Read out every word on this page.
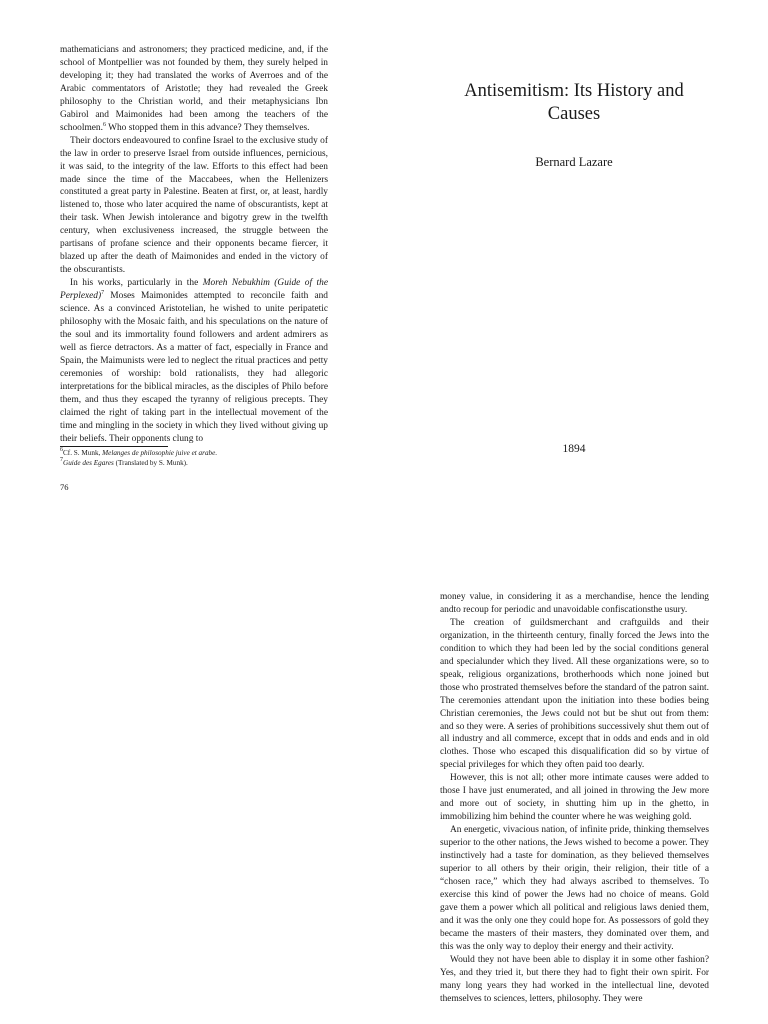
mathematicians and astronomers; they practiced medicine, and, if the school of Montpellier was not founded by them, they surely helped in developing it; they had translated the works of Averroes and of the Arabic commentators of Aristotle; they had revealed the Greek philosophy to the Christian world, and their metaphysicians Ibn Gabirol and Maimonides had been among the teachers of the schoolmen.$^6$ Who stopped them in this advance? They themselves.

Their doctors endeavoured to confine Israel to the exclusive study of the law in order to preserve Israel from outside influences, pernicious, it was said, to the integrity of the law. Efforts to this effect had been made since the time of the Maccabees, when the Hellenizers constituted a great party in Palestine. Beaten at first, or, at least, hardly listened to, those who later acquired the name of obscurantists, kept at their task. When Jewish intolerance and bigotry grew in the twelfth century, when exclusiveness increased, the struggle between the partisans of profane science and their opponents became fiercer, it blazed up after the death of Maimonides and ended in the victory of the obscurantists.

In his works, particularly in the Moreh Nebukhim (Guide of the Perplexed)$^7$ Moses Maimonides attempted to reconcile faith and science. As a convinced Aristotelian, he wished to unite peripatetic philosophy with the Mosaic faith, and his speculations on the nature of the soul and its immortality found followers and ardent admirers as well as fierce detractors. As a matter of fact, especially in France and Spain, the Maimunists were led to neglect the ritual practices and petty ceremonies of worship: bold rationalists, they had allegoric interpretations for the biblical miracles, as the disciples of Philo before them, and thus they escaped the tyranny of religious precepts. They claimed the right of taking part in the intellectual movement of the time and mingling in the society in which they lived without giving up their beliefs. Their opponents clung to

$^6$Cf. S. Munk, Melanges de philosophie juive et arabe.

$^7$Guide des Egares (Translated by S. Munk).

76
Antisemitism: Its History and Causes
Bernard Lazare
1894

money value, in considering it as a merchandise, hence the lending andto recoup for periodic and unavoidable confiscationsthe usury.

The creation of guildsmerchant and craftguilds and their organization, in the thirteenth century, finally forced the Jews into the condition to which they had been led by the social conditions general and specialunder which they lived. All these organizations were, so to speak, religious organizations, brotherhoods which none joined but those who prostrated themselves before the standard of the patron saint. The ceremonies attendant upon the initiation into these bodies being Christian ceremonies, the Jews could not but be shut out from them: and so they were. A series of prohibitions successively shut them out of all industry and all commerce, except that in odds and ends and in old clothes. Those who escaped this disqualification did so by virtue of special privileges for which they often paid too dearly.

However, this is not all; other more intimate causes were added to those I have just enumerated, and all joined in throwing the Jew more and more out of society, in shutting him up in the ghetto, in immobilizing him behind the counter where he was weighing gold.

An energetic, vivacious nation, of infinite pride, thinking themselves superior to the other nations, the Jews wished to become a power. They instinctively had a taste for domination, as they believed themselves superior to all others by their origin, their religion, their title of a “chosen race,” which they had always ascribed to themselves. To exercise this kind of power the Jews had no choice of means. Gold gave them a power which all political and religious laws denied them, and it was the only one they could hope for. As possessors of gold they became the masters of their masters, they dominated over them, and this was the only way to deploy their energy and their activity.

Would they not have been able to display it in some other fashion? Yes, and they tried it, but there they had to fight their own spirit. For many long years they had worked in the intellectual line, devoted themselves to sciences, letters, philosophy. They were
